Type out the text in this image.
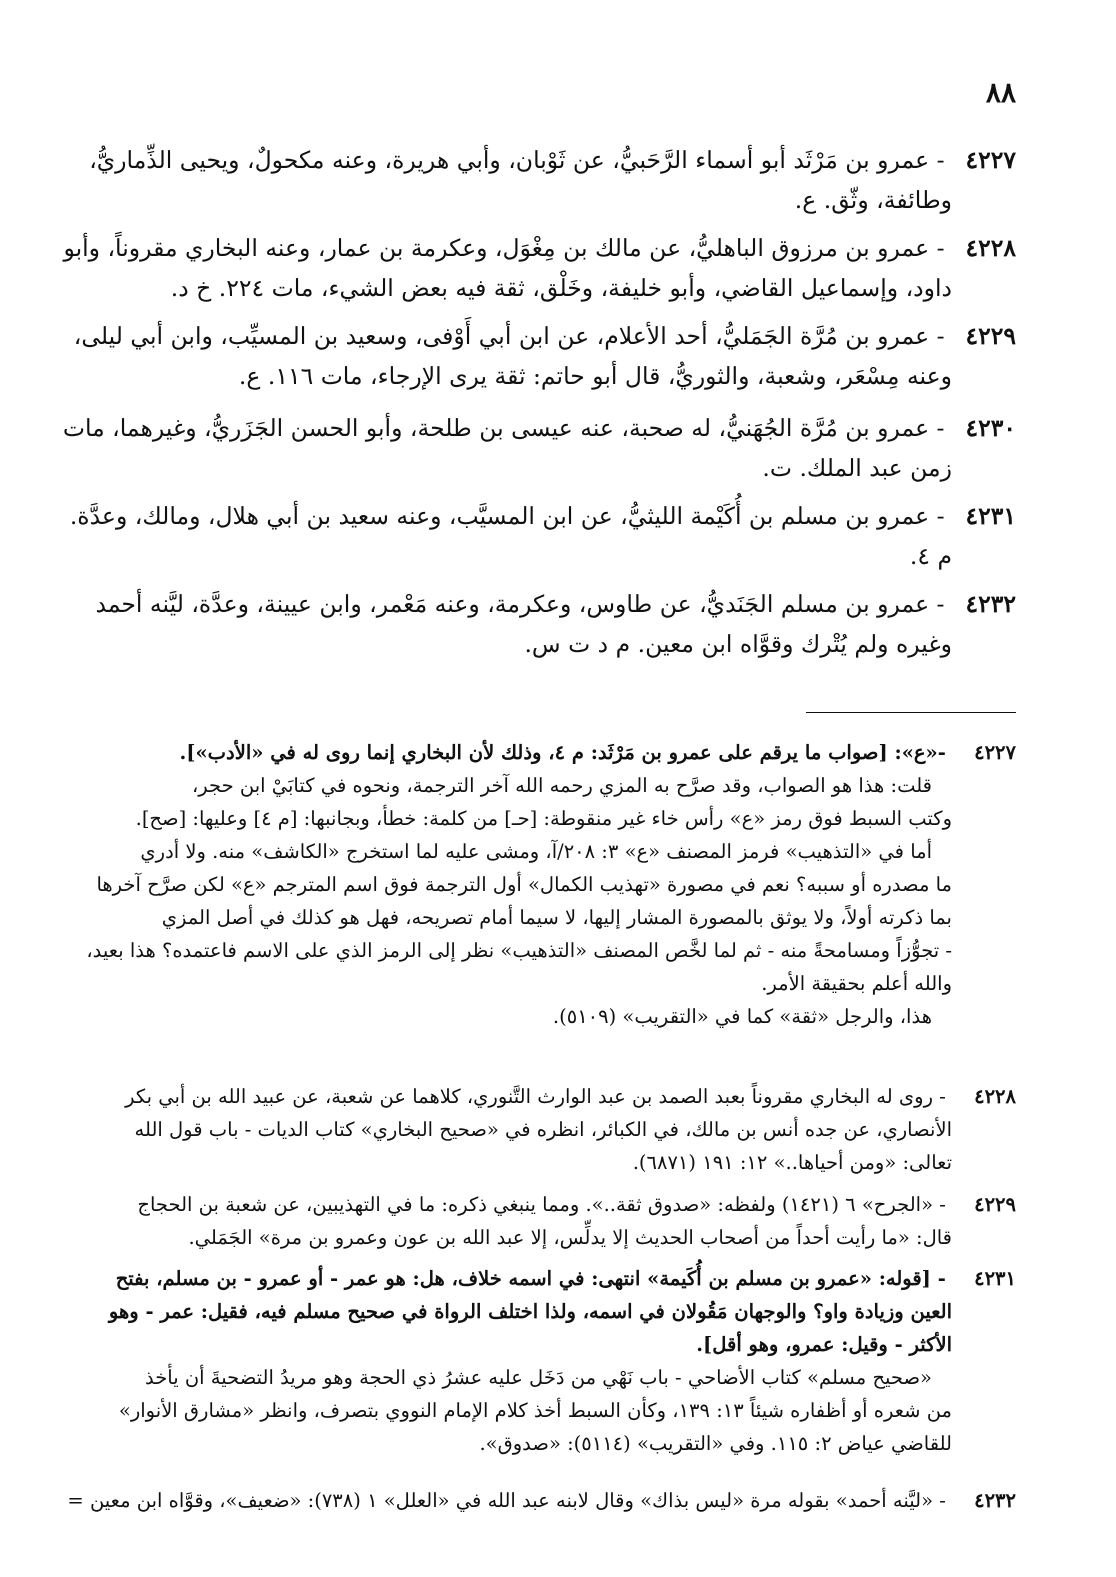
٨٨
٤٢٢٧ - عمرو بن مَرْثَد أبو أسماء الرَّحَبيُّ، عن ثَوْبان، وأبي هريرة، وعنه مكحولٌ، ويحيى الذِّماريُّ،
وطائفة، وثّق. ع.
٤٢٢٨ - عمرو بن مرزوق الباهليُّ، عن مالك بن مِغْوَل، وعكرمة بن عمار، وعنه البخاري مقروناً، وأبو
داود، وإسماعيل القاضي، وأبو خليفة، وخَلْق، ثقة فيه بعض الشيء، مات ٢٢٤. خ د.
٤٢٢٩ - عمرو بن مُرَّة الجَمَليُّ، أحد الأعلام، عن ابن أبي أَوْفى، وسعيد بن المسيِّب، وابن أبي ليلى،
وعنه مِسْعَر، وشعبة، والثوريُّ، قال أبو حاتم: ثقة يرى الإرجاء، مات ١١٦. ع.
٤٢٣٠ - عمرو بن مُرَّة الجُهَنيُّ، له صحبة، عنه عيسى بن طلحة، وأبو الحسن الجَزَريُّ، وغيرهما، مات
زمن عبد الملك. ت.
٤٢٣١ - عمرو بن مسلم بن أُكَيْمة الليثيُّ، عن ابن المسيَّب، وعنه سعيد بن أبي هلال، ومالك، وعدَّة.
م ٤.
٤٢٣٢ - عمرو بن مسلم الجَنَديُّ، عن طاوس، وعكرمة، وعنه مَعْمر، وابن عيينة، وعدَّة، ليَّنه أحمد
وغيره ولم يُتْرك وقوَّاه ابن معين. م د ت س.
٤٢٢٧ -«ع»: [صواب ما يرقم على عمرو بن مَرْثَد: م ٤، وذلك لأن البخاري إنما روى له في «الأدب»].
قلت: هذا هو الصواب، وقد صرَّح به المزي رحمه الله آخر الترجمة، ونحوه في كتابَيْ ابن حجر،
وكتب السبط فوق رمز «ع» رأس خاء غير منقوطة: [حـ] من كلمة: خطأ، وبجانبها: [م ٤] وعليها: [صح].
أما في «التذهيب» فرمز المصنف «ع» ٣: ٢٠٨/آ، ومشى عليه لما استخرج «الكاشف» منه. ولا أدري
ما مصدره أو سببه؟ نعم في مصورة «تهذيب الكمال» أول الترجمة فوق اسم المترجم «ع» لكن صرَّح آخرها
بما ذكرته أولاً، ولا يوثق بالمصورة المشار إليها، لا سيما أمام تصريحه، فهل هو كذلك في أصل المزي
- تجوُّزاً ومسامحةً منه - ثم لما لخَّص المصنف «التذهيب» نظر إلى الرمز الذي على الاسم فاعتمده؟ هذا بعيد،
والله أعلم بحقيقة الأمر.
هذا، والرجل «ثقة» كما في «التقريب» (٥١٠٩).
٤٢٢٨ - روى له البخاري مقروناً بعبد الصمد بن عبد الوارث التَّنوري، كلاهما عن شعبة، عن عبيد الله بن أبي بكر
الأنصاري، عن جده أنس بن مالك، في الكبائر، انظره في «صحيح البخاري» كتاب الديات - باب قول الله
تعالى: «ومن أحياها..» ١٢: ١٩١ (٦٨٧١).
٤٢٢٩ - «الجرح» ٦ (١٤٢١) ولفظه: «صدوق ثقة..». ومما ينبغي ذكره: ما في التهذيبين، عن شعبة بن الحجاج
قال: «ما رأيت أحداً من أصحاب الحديث إلا يدلِّس، إلا عبد الله بن عون وعمرو بن مرة» الجَمَلي.
٤٢٣١ - [قوله: «عمرو بن مسلم بن أُكَيمة» انتهى: في اسمه خلاف، هل: هو عمر - أو عمرو - بن مسلم، بفتح
العين وزيادة واو؟ والوجهان مَقُولان في اسمه، ولذا اختلف الرواة في صحيح مسلم فيه، فقيل: عمر - وهو
الأكثر - وقيل: عمرو، وهو أقل].
«صحيح مسلم» كتاب الأضاحي - باب نَهْي من دَخَل عليه عشرُ ذي الحجة وهو مريدُ التضحيةَ أن يأخذ
من شعره أو أظفاره شيئاً ١٣: ١٣٩، وكأن السبط أخذ كلام الإمام النووي بتصرف، وانظر «مشارق الأنوار»
للقاضي عياض ٢: ١١٥. وفي «التقريب» (٥١١٤): «صدوق».
٤٢٣٢ - «ليَّنه أحمد» بقوله مرة «ليس بذاك» وقال لابنه عبد الله في «العلل» ١ (٧٣٨): «ضعيف»، وقوَّاه ابن معين =
